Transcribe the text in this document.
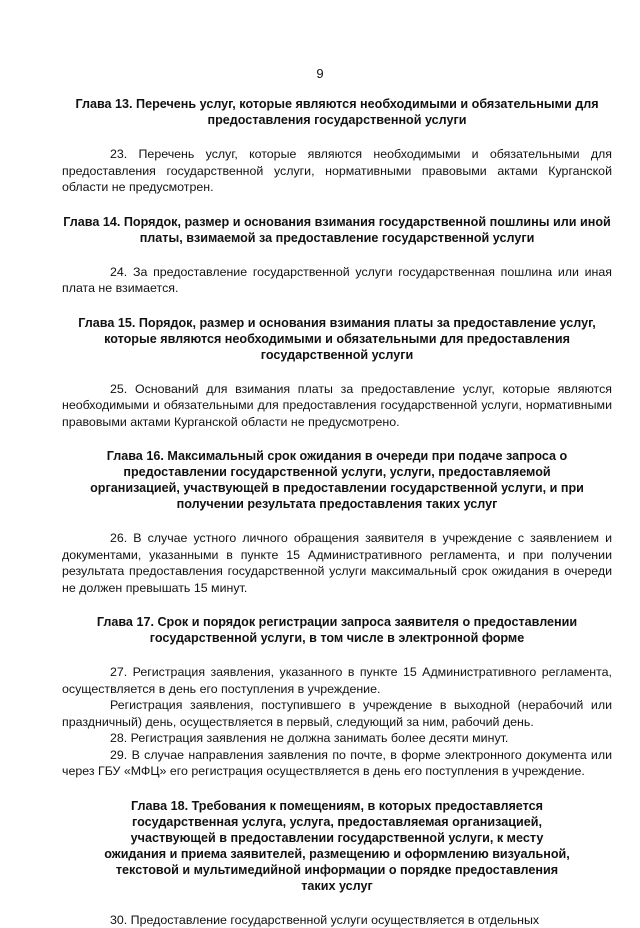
9

Глава 13. Перечень услуг, которые являются необходимыми и обязательными для предоставления государственной услуги

23. Перечень услуг, которые являются необходимыми и обязательными для предоставления государственной услуги, нормативными правовыми актами Курганской области не предусмотрен.

Глава 14. Порядок, размер и основания взимания государственной пошлины или иной платы, взимаемой за предоставление государственной услуги

24. За предоставление государственной услуги государственная пошлина или иная плата не взимается.

Глава 15. Порядок, размер и основания взимания платы за предоставление услуг, которые являются необходимыми и обязательными для предоставления государственной услуги

25. Оснований для взимания платы за предоставление услуг, которые являются необходимыми и обязательными для предоставления государственной услуги, нормативными правовыми актами Курганской области не предусмотрено.

Глава 16. Максимальный срок ожидания в очереди при подаче запроса о предоставлении государственной услуги, услуги, предоставляемой организацией, участвующей в предоставлении государственной услуги, и при получении результата предоставления таких услуг

26. В случае устного личного обращения заявителя в учреждение с заявлением и документами, указанными в пункте 15 Административного регламента, и при получении результата предоставления государственной услуги максимальный срок ожидания в очереди не должен превышать 15 минут.

Глава 17. Срок и порядок регистрации запроса заявителя о предоставлении государственной услуги, в том числе в электронной форме

27. Регистрация заявления, указанного в пункте 15 Административного регламента, осуществляется в день его поступления в учреждение.

Регистрация заявления, поступившего в учреждение в выходной (нерабочий или праздничный) день, осуществляется в первый, следующий за ним, рабочий день.

28. Регистрация заявления не должна занимать более десяти минут.

29. В случае направления заявления по почте, в форме электронного документа или через ГБУ «МФЦ» его регистрация осуществляется в день его поступления в учреждение.

Глава 18. Требования к помещениям, в которых предоставляется государственная услуга, услуга, предоставляемая организацией, участвующей в предоставлении государственной услуги, к месту ожидания и приема заявителей, размещению и оформлению визуальной, текстовой и мультимедийной информации о порядке предоставления таких услуг

30. Предоставление государственной услуги осуществляется в отдельных
